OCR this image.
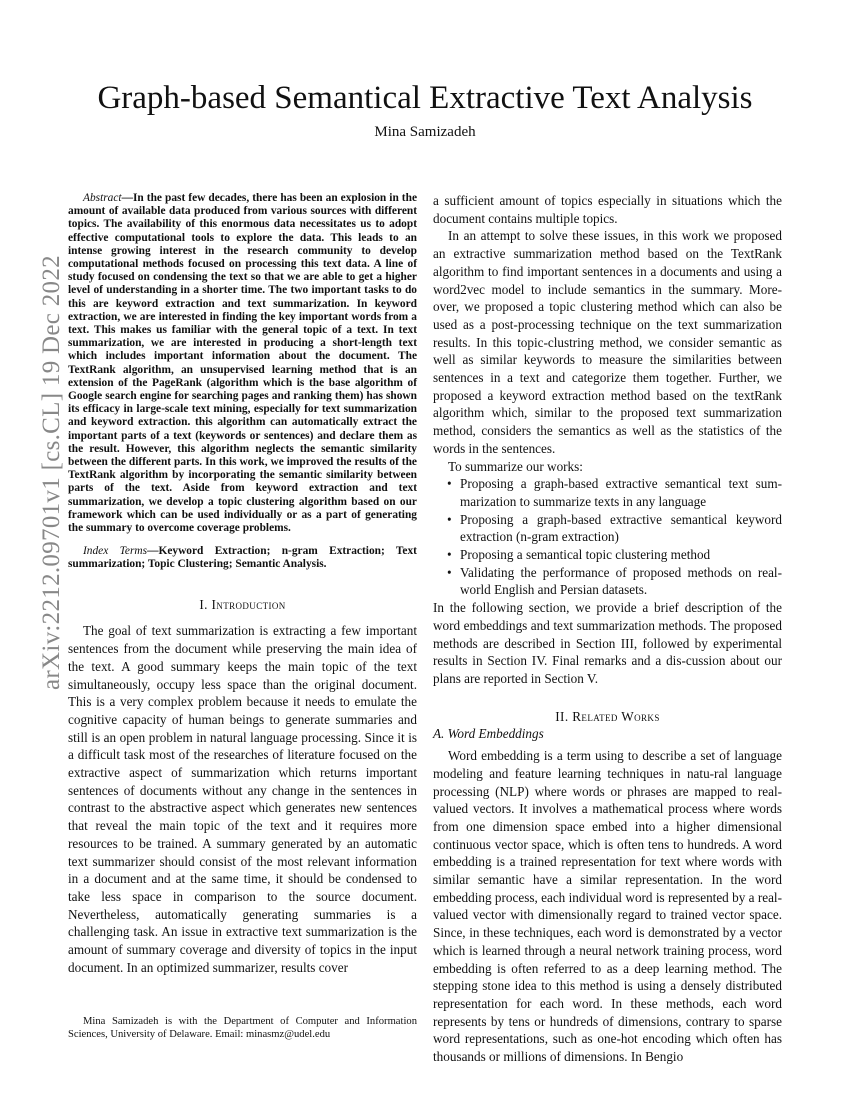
arXiv:2212.09701v1 [cs.CL] 19 Dec 2022
Graph-based Semantical Extractive Text Analysis
Mina Samizadeh

Abstract—In the past few decades, there has been an explosion in the amount of available data produced from various sources with different topics. The availability of this enormous data necessitates us to adopt effective computational tools to explore the data. This leads to an intense growing interest in the research community to develop computational methods focused on processing this text data. A line of study focused on condensing the text so that we are able to get a higher level of understanding in a shorter time. The two important tasks to do this are keyword extraction and text summarization. In keyword extraction, we are interested in finding the key important words from a text. This makes us familiar with the general topic of a text. In text summarization, we are interested in producing a short-length text which includes important information about the document. The TextRank algorithm, an unsupervised learning method that is an extension of the PageRank (algorithm which is the base algorithm of Google search engine for searching pages and ranking them) has shown its efficacy in large-scale text mining, especially for text summarization and keyword extraction. this algorithm can automatically extract the important parts of a text (keywords or sentences) and declare them as the result. However, this algorithm neglects the semantic similarity between the different parts. In this work, we improved the results of the TextRank algorithm by incorporating the semantic similarity between parts of the text. Aside from keyword extraction and text summarization, we develop a topic clustering algorithm based on our framework which can be used individually or as a part of generating the summary to overcome coverage problems.

Index Terms—Keyword Extraction; n-gram Extraction; Text summarization; Topic Clustering; Semantic Analysis.

I. Introduction

The goal of text summarization is extracting a few important sentences from the document while preserving the main idea of the text. A good summary keeps the main topic of the text simultaneously, occupy less space than the original document. This is a very complex problem because it needs to emulate the cognitive capacity of human beings to generate summaries and still is an open problem in natural language processing. Since it is a difficult task most of the researches of literature focused on the extractive aspect of summarization which returns important sentences of documents without any change in the sentences in contrast to the abstractive aspect which generates new sentences that reveal the main topic of the text and it requires more resources to be trained. A summary generated by an automatic text summarizer should consist of the most relevant information in a document and at the same time, it should be condensed to take less space in comparison to the source document. Nevertheless, automatically generating summaries is a challenging task. An issue in extractive text summarization is the amount of summary coverage and diversity of topics in the input document. In an optimized summarizer, results cover

Mina Samizadeh is with the Department of Computer and Information Sciences, University of Delaware. Email: minasmz@udel.edu

a sufficient amount of topics especially in situations which the document contains multiple topics.

In an attempt to solve these issues, in this work we proposed an extractive summarization method based on the TextRank algorithm to find important sentences in a documents and using a word2vec model to include semantics in the summary. More-over, we proposed a topic clustering method which can also be used as a post-processing technique on the text summarization results. In this topic-clustring method, we consider semantic as well as similar keywords to measure the similarities between sentences in a text and categorize them together. Further, we proposed a keyword extraction method based on the textRank algorithm which, similar to the proposed text summarization method, considers the semantics as well as the statistics of the words in the sentences.

To summarize our works:

• Proposing a graph-based extractive semantical text sum-marization to summarize texts in any language
• Proposing a graph-based extractive semantical keyword extraction (n-gram extraction)
• Proposing a semantical topic clustering method
• Validating the performance of proposed methods on real-world English and Persian datasets.

In the following section, we provide a brief description of the word embeddings and text summarization methods. The proposed methods are described in Section III, followed by experimental results in Section IV. Final remarks and a dis-cussion about our plans are reported in Section V.

II. Related Works

A. Word Embeddings

Word embedding is a term using to describe a set of language modeling and feature learning techniques in natu-ral language processing (NLP) where words or phrases are mapped to real-valued vectors. It involves a mathematical process where words from one dimension space embed into a higher dimensional continuous vector space, which is often tens to hundreds. A word embedding is a trained representation for text where words with similar semantic have a similar representation. In the word embedding process, each individual word is represented by a real-valued vector with dimensionally regard to trained vector space. Since, in these techniques, each word is demonstrated by a vector which is learned through a neural network training process, word embedding is often referred to as a deep learning method. The stepping stone idea to this method is using a densely distributed representation for each word. In these methods, each word represents by tens or hundreds of dimensions, contrary to sparse word representations, such as one-hot encoding which often has thousands or millions of dimensions. In Bengio
